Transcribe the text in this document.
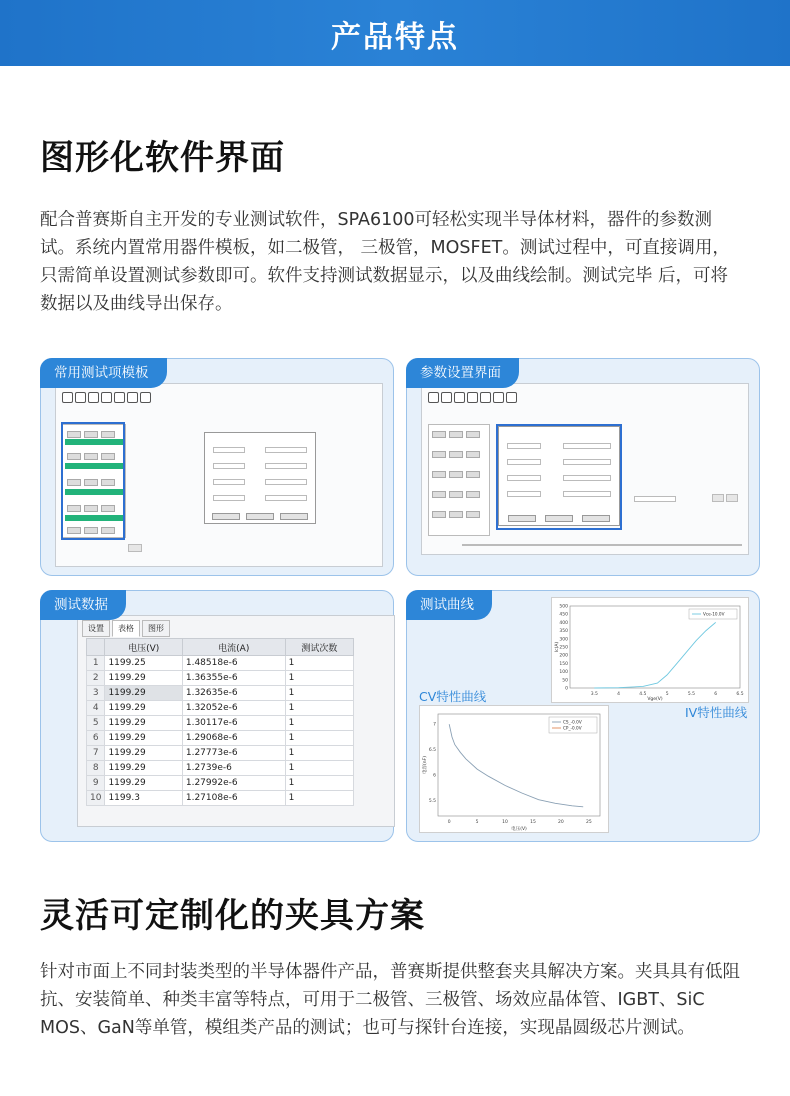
产品特点
图形化软件界面
配合普赛斯自主开发的专业测试软件，SPA6100可轻松实现半导体材料，器件的参数测试。系统内置常用器件模板，如二极管， 三极管，MOSFET。测试过程中，可直接调用，只需简单设置测试参数即可。软件支持测试数据显示，以及曲线绘制。测试完毕 后，可将数据以及曲线导出保存。
常用测试项模板	参数设置界面
设置	表格	图形
	电压(V)	电流(A)	测试次数
1	1199.25	1.48518e-6	1
2	1199.29	1.36355e-6	1
3	1199.29	1.32635e-6	1
4	1199.29	1.32052e-6	1
5	1199.29	1.30117e-6	1
6	1199.29	1.29068e-6	1
7	1199.29	1.27773e-6	1
8	1199.29	1.2739e-6	1
9	1199.29	1.27992e-6	1
10	1199.3	1.27108e-6	1
测试数据
3.5	4	4.5	5	5.5	6	6.5
0
50
100
150
200
250
300
350
400
450
500
Vge(V)
Ic(A)
Vce-10.0V
0	5	10	15	20	25
5.5
6
6.5
7
电压(V)
电容(nF)
CS_-0.0V
CP_-0.0V
CV特性曲线
IV特性曲线
测试曲线
灵活可定制化的夹具方案
针对市面上不同封装类型的半导体器件产品，普赛斯提供整套夹具解决方案。夹具具有低阻抗、安装简单、种类丰富等特点，可用于二极管、三极管、场效应晶体管、IGBT、SiC MOS、GaN等单管，模组类产品的测试；也可与探针台连接，实现晶圆级芯片测试。
